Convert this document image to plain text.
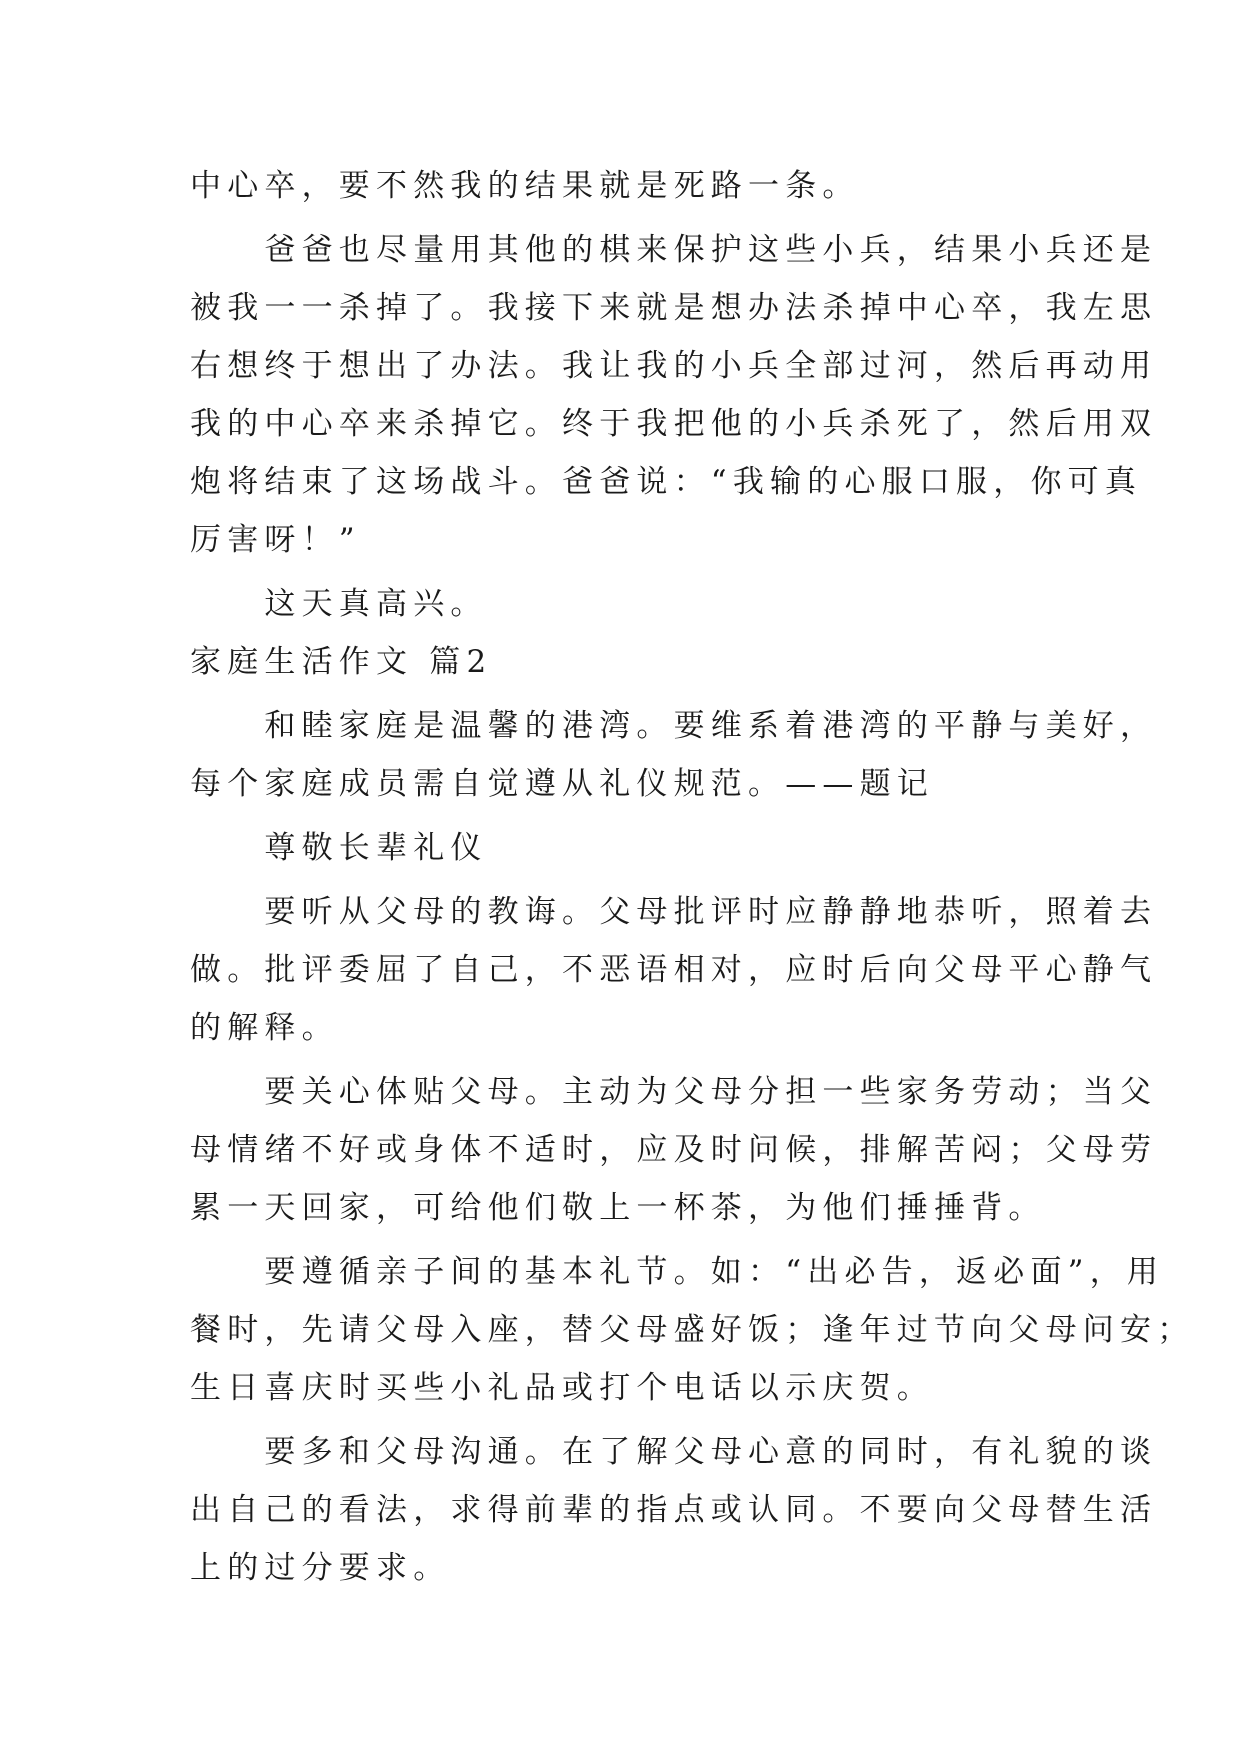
中心卒，要不然我的结果就是死路一条。
　　爸爸也尽量用其他的棋来保护这些小兵，结果小兵还是
被我一一杀掉了。我接下来就是想办法杀掉中心卒，我左思
右想终于想出了办法。我让我的小兵全部过河，然后再动用
我的中心卒来杀掉它。终于我把他的小兵杀死了，然后用双
炮将结束了这场战斗。爸爸说：“我输的心服口服，你可真
厉害呀！”
　　这天真高兴。
家庭生活作文 篇2
　　和睦家庭是温馨的港湾。要维系着港湾的平静与美好，
每个家庭成员需自觉遵从礼仪规范。——题记
　　尊敬长辈礼仪
　　要听从父母的教诲。父母批评时应静静地恭听，照着去
做。批评委屈了自己，不恶语相对，应时后向父母平心静气
的解释。
　　要关心体贴父母。主动为父母分担一些家务劳动；当父
母情绪不好或身体不适时，应及时问候，排解苦闷；父母劳
累一天回家，可给他们敬上一杯茶，为他们捶捶背。
　　要遵循亲子间的基本礼节。如：“出必告，返必面”，用
餐时，先请父母入座，替父母盛好饭；逢年过节向父母问安；
生日喜庆时买些小礼品或打个电话以示庆贺。
　　要多和父母沟通。在了解父母心意的同时，有礼貌的谈
出自己的看法，求得前辈的指点或认同。不要向父母替生活
上的过分要求。
